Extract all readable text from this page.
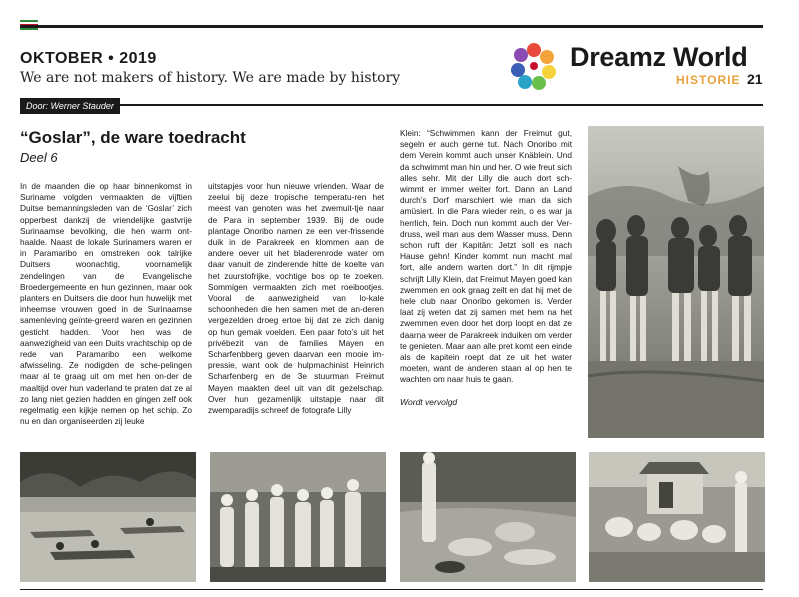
OKTOBER • 2019
We are not makers of history. We are made by history
Dreamz World
HISTORIE 21
Door: Werner Stauder
“Goslar”, de ware toedracht
Deel 6
In de maanden die op haar binnenkomst in Suriname volgden vermaakten de vijftien Duitse bemanningsleden van de ‘Goslar’ zich opperbest dankzij de vriendelijke gastvrije Surinaamse bevolking, die hen warm ont-haalde. Naast de lokale Surinamers waren er in Paramaribo en omstreken ook talrijke Duitsers woonachtig, voornamelijk zendelingen van de Evangelische Broedergemeente en hun gezinnen, maar ook planters en Duitsers die door hun huwelijk met inheemse vrouwen goed in de Surinaamse samenleving geïnte-greerd waren en gezinnen gesticht hadden. Voor hen was de aanwezigheid van een Duits vrachtschip op de rede van Paramaribo een welkome afwisseling. Ze nodigden de sche-pelingen maar al te graag uit om met hen on-der de maaltijd over hun vaderland te praten dat ze al zo lang niet gezien hadden en gingen zelf ook regelmatig een kijkje nemen op het schip. Zo nu en dan organiseerden zij leuke
uitstapjes voor hun nieuwe vrienden. Waar de zeelui bij deze tropische temperatu-ren het meest van genoten was het zwemuit-tje naar de Para in september 1939. Bij de oude plantage Onoribo namen ze een ver-frissende duik in de Parakreek en klommen aan de andere oever uit het bladerenrode water om daar vanuit de zinderende hitte de koelte van het zuurstofrijke, vochtige bos op te zoeken. Sommigen vermaakten zich met roeibootjes. Vooral de aanwezigheid van lo-kale schoonheden die hen samen met de an-deren vergezelden droeg ertoe bij dat ze zich danig op hun gemak voelden. Een paar foto’s uit het privébezit van de families Mayen en Scharfenbberg geven daarvan een mooie im-pressie, want ook de hulpmachinist Heinrich Scharfenberg en de 3e stuurman Freimut Mayen maakten deel uit van dit gezelschap. Over hun gezamenlijk uitstapje naar dit zwemparadijs schreef de fotografe Lilly
Klein: “Schwimmen kann der Freimut gut, segeln er auch gerne tut. Nach Onoribo mit dem Verein kommt auch unser Knäblein. Und da schwimmt man hin und her. O wie freut sich alles sehr. Mit der Lilly die auch dort sch-wimmt er immer weiter fort. Dann an Land durch’s Dorf marschiert wie man da sich amüsiert. In die Para wieder rein, o es war ja herrlich, fein. Doch nun kommt auch der Ver-druss, weil man aus dem Wasser muss. Denn schon ruft der Kapitän: Jetzt soll es nach Hause gehn! Kinder kommt nun macht mal fort, alle andern warten dort.” In dit rijmpje schrijft Lilly Klein, dat Freimut Mayen goed kan zwemmen en ook graag zeilt en dat hij met de hele club naar Onoribo gekomen is. Verder laat zij weten dat zij samen met hem na het zwemmen even door het dorp loopt en dat ze daarna weer de Parakreek induiken om verder te genieten. Maar aan alle pret komt een einde als de kapitein roept dat ze uit het water moeten, want de anderen staan al op hen te wachten om naar huis te gaan.
Wordt vervolgd
